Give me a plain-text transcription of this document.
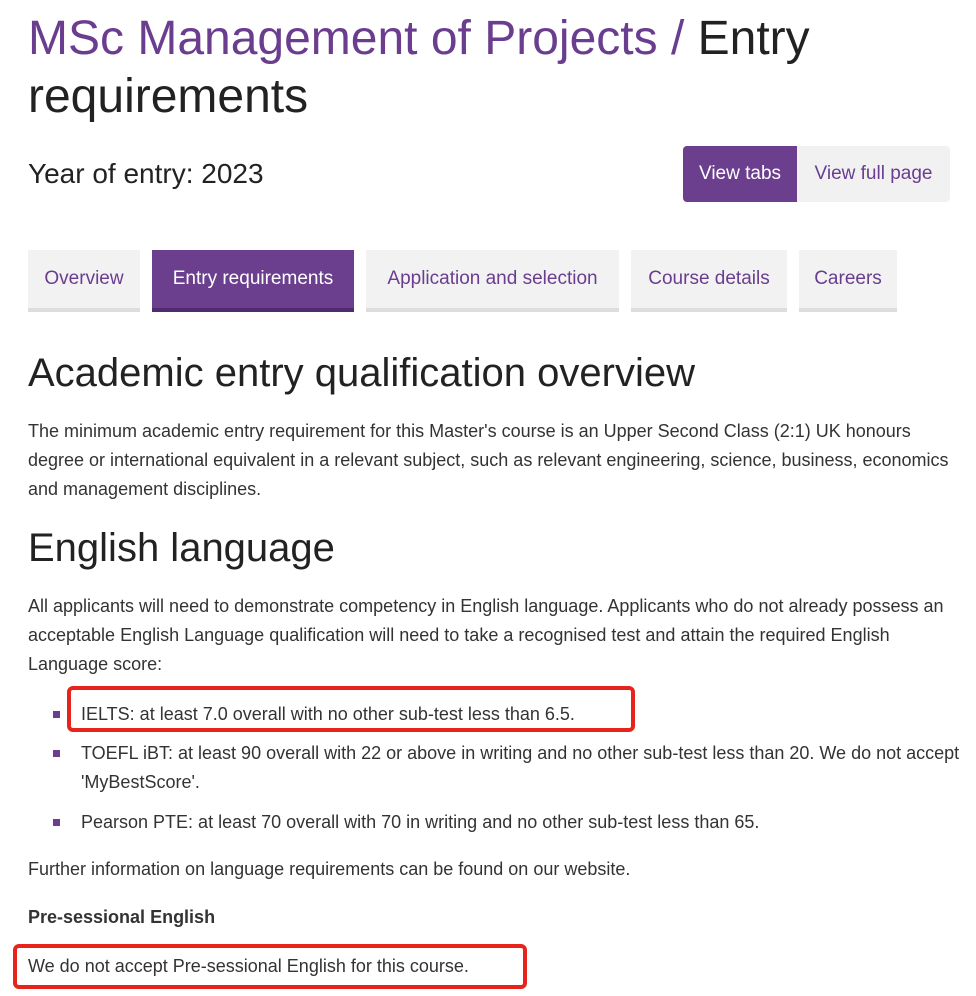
MSc Management of Projects / Entry requirements

Year of entry: 2023	View tabs	View full page
Overview	Entry requirements	Application and selection	Course details	Careers
Academic entry qualification overview

The minimum academic entry requirement for this Master's course is an Upper Second Class (2:1) UK honours degree or international equivalent in a relevant subject, such as relevant engineering, science, business, economics and management disciplines.

English language

All applicants will need to demonstrate competency in English language. Applicants who do not already possess an acceptable English Language qualification will need to take a recognised test and attain the required English Language score:

IELTS: at least 7.0 overall with no other sub-test less than 6.5.
TOEFL iBT: at least 90 overall with 22 or above in writing and no other sub-test less than 20. We do not accept 'MyBestScore'.
Pearson PTE: at least 70 overall with 70 in writing and no other sub-test less than 65.

Further information on language requirements can be found on our website.

Pre-sessional English

We do not accept Pre-sessional English for this course.
